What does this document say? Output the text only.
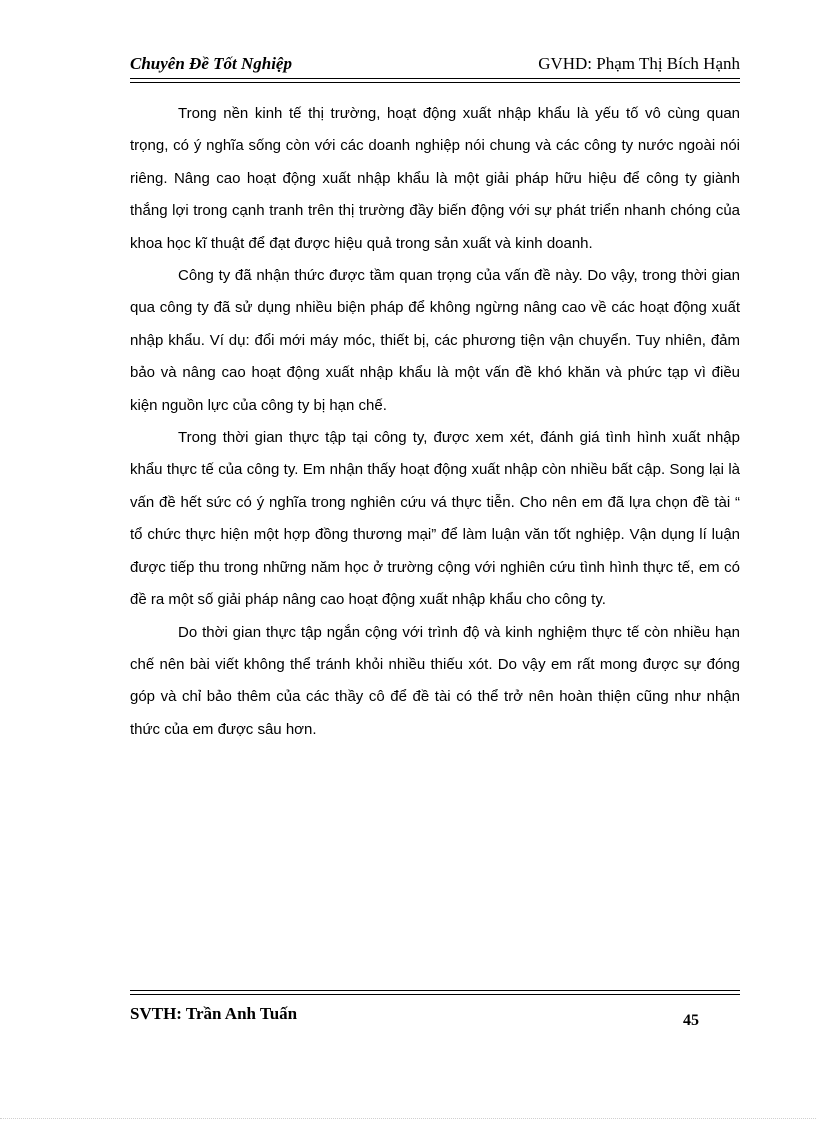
Chuyên Đề Tốt Nghiệp	GVHD: Phạm Thị Bích Hạnh

Trong nền kinh tế thị trường, hoạt động xuất nhập khẩu là yếu tố vô cùng quan trọng, có ý nghĩa sống còn với các doanh nghiệp nói chung và các công ty nước ngoài nói riêng. Nâng cao hoạt động xuất nhập khẩu là một giải pháp hữu hiệu để công ty giành thắng lợi trong cạnh tranh trên thị trường đầy biến động với sự phát triển nhanh chóng của khoa học kĩ thuật để đạt được hiệu quả trong sản xuất và kinh doanh.

Công ty đã nhận thức được tầm quan trọng của vấn đề này. Do vậy, trong thời gian qua công ty đã sử dụng nhiều biện pháp để không ngừng nâng cao về các hoạt động xuất nhập khẩu. Ví dụ: đổi mới máy móc, thiết bị, các phương tiện vận chuyển. Tuy nhiên, đảm bảo và nâng cao hoạt động xuất nhập khẩu là một vấn đề khó khăn và phức tạp vì điều kiện nguồn lực của công ty bị hạn chế.

Trong thời gian thực tập tại công ty, được xem xét, đánh giá tình hình xuất nhập khẩu thực tế của công ty. Em nhận thấy hoạt động xuất nhập còn nhiều bất cập. Song lại là vấn đề hết sức có ý nghĩa trong nghiên cứu vá thực tiễn. Cho nên em đã lựa chọn đề tài “ tổ chức thực hiện một hợp đồng thương mại” để làm luận văn tốt nghiệp. Vận dụng lí luận được tiếp thu trong những năm học ở trường cộng với nghiên cứu tình hình thực tế, em có đề ra một số giải pháp nâng cao hoạt động xuất nhập khẩu cho công ty.

Do thời gian thực tập ngắn cộng với trình độ và kinh nghiệm thực tế còn nhiều hạn chế nên bài viết không thể tránh khỏi nhiều thiếu xót. Do vậy em rất mong được sự đóng góp và chỉ bảo thêm của các thầy cô để đề tài có thể trở nên hoàn thiện cũng như nhận thức của em được sâu hơn.

SVTH: Trần Anh Tuấn	45
